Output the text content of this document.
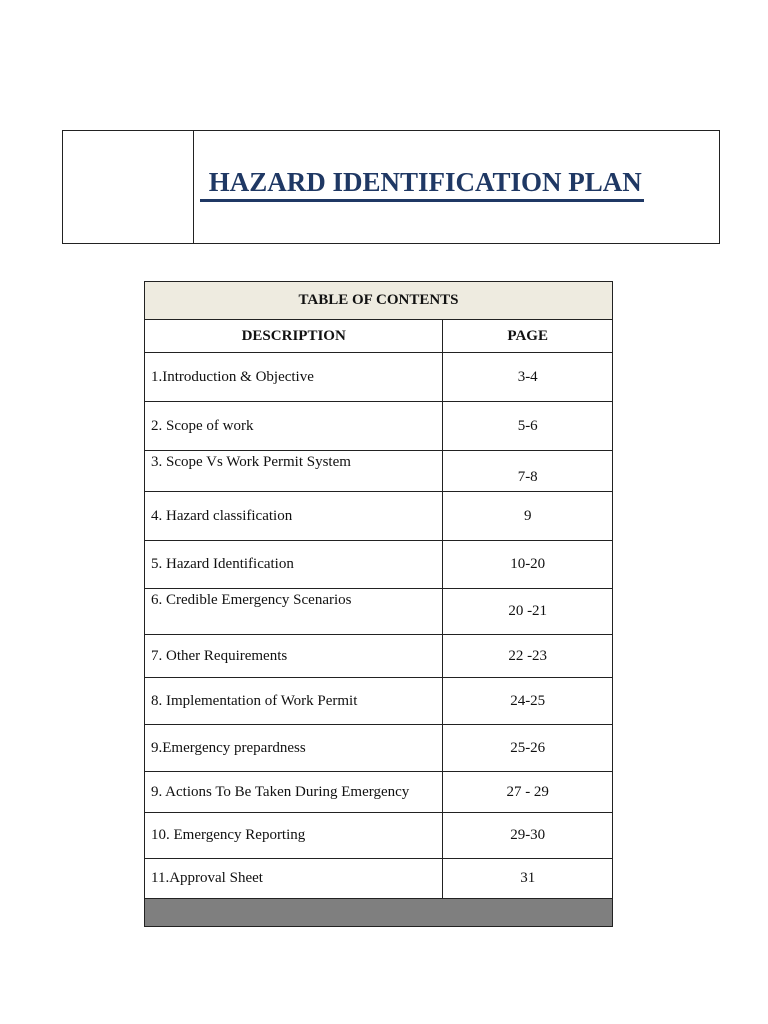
HAZARD IDENTIFICATION PLAN
TABLE OF CONTENTS	
DESCRIPTION	PAGE
1.Introduction & Objective	3-4
2. Scope of work	5-6
3. Scope Vs Work Permit System	7-8
4. Hazard classification	9
5. Hazard Identification	10-20
6. Credible Emergency Scenarios	20 -21
7. Other Requirements	22 -23
8. Implementation of Work Permit	24-25
9.Emergency prepardness	25-26
9. Actions To Be Taken During Emergency	27 - 29
10. Emergency Reporting	29-30
11.Approval Sheet	31
